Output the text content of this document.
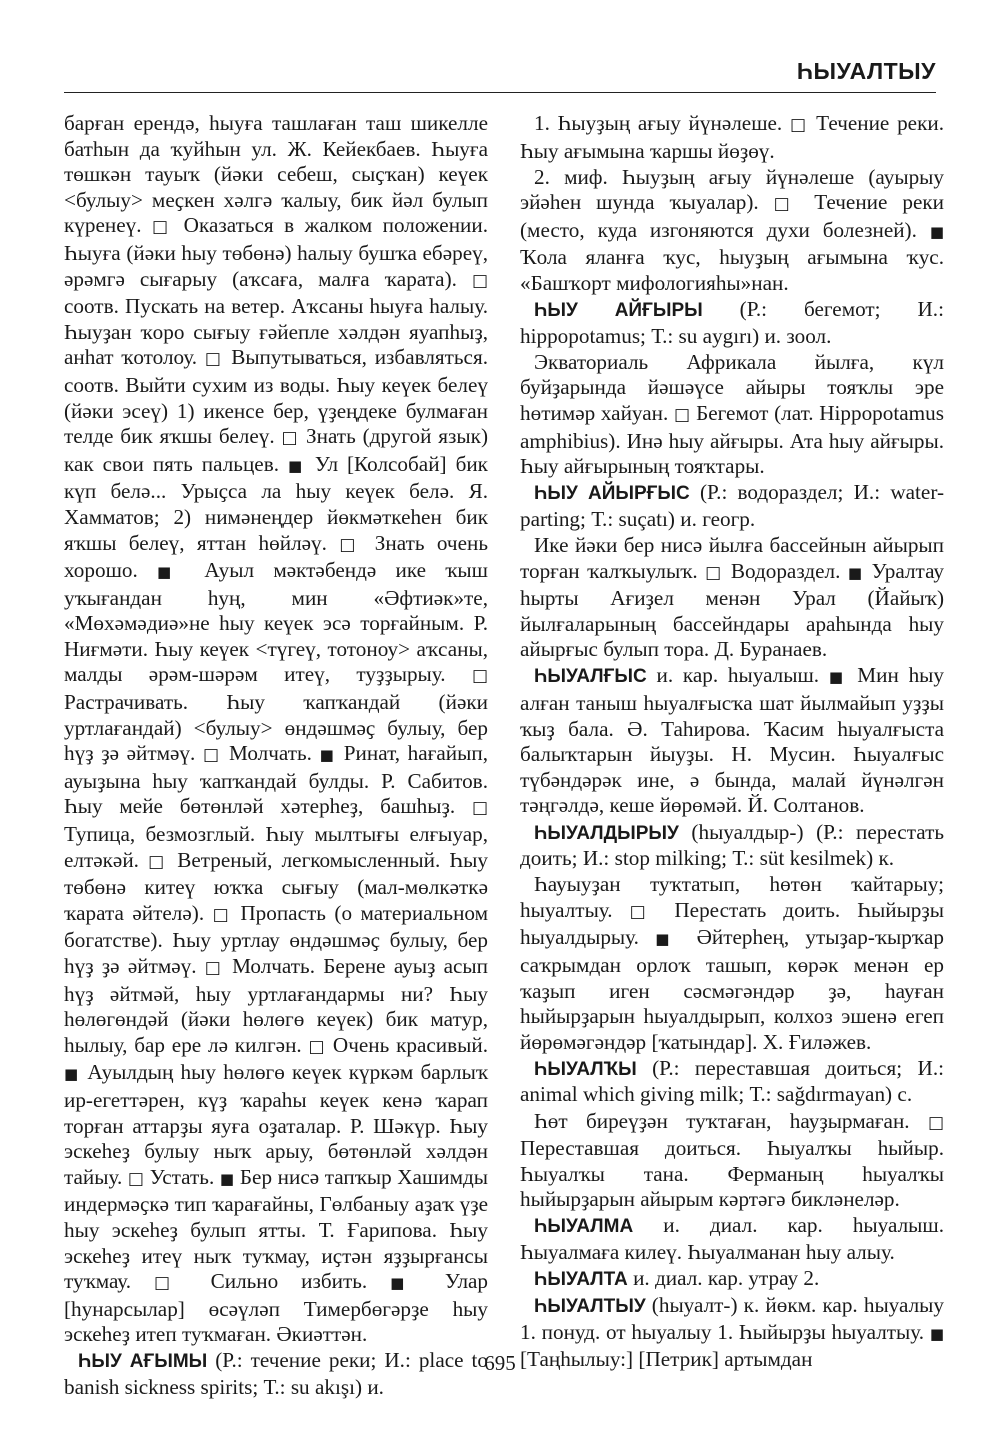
ҺЫУАЛТЫУ

барған ерендә, һыуға ташлаған таш шикелле батһын да ҡуйһын ул. Ж. Кейекбаев. Һыуға төшкән тауыҡ (йәки себеш, сыҫҡан) кеүек <булыу> меҫкен хәлгә ҡалыу, бик йәл булып күренеү. □ Оказаться в жалком положении. Һыуға (йәки һыу төбөнә) һалыу бушҡа ебәреү, әрәмгә сығарыу (аҡсаға, малға ҡарата). □ соотв. Пускать на ветер. Аҡсаны һыуға һалыу. Һыуҙан ҡоро сығыу ғәйепле хәлдән яуапһыҙ, анһат ҡотолоу. □ Выпутываться, избавляться. соотв. Выйти сухим из воды. Һыу кеүек белеү (йәки эсеү) 1) икенсе бер, үҙеңдеке булмаған телде бик яҡшы белеү. □ Знать (другой язык) как свои пять пальцев. ■ Ул [Колсобай] бик күп белә... Урыҫса ла һыу кеүек белә. Я. Хамматов; 2) нимәнеңдер йөкмәткеһен бик яҡшы белеү, яттан һөйләү. □ Знать очень хорошо. ■ Ауыл мәктәбендә ике ҡыш уҡығандан һуң, мин «Әфтиәк»те, «Мөхәмәдиә»не һыу кеүек эсә торғайным. Р. Ниғмәти. Һыу кеүек <түгеү, тотоноу> аҡсаны, малды әрәм-шәрәм итеү, туҙҙырыу. □ Растрачивать. Һыу ҡапҡандай (йәки уртлағандай) <булыу> өндәшмәҫ булыу, бер һүҙ ҙә әйтмәү. □ Молчать. ■ Ринат, һағайып, ауыҙына һыу ҡапҡандай булды. Р. Сабитов. Һыу мейе бөтөнләй хәтерһеҙ, башһыҙ. □ Тупица, безмозглый. Һыу мылтығы елғыуар, елтәкәй. □ Ветреный, легкомысленный. Һыу төбөнә китеү юҡҡа сығыу (мал-мөлкәткә ҡарата әйтелә). □ Пропасть (о материальном богатстве). Һыу уртлау өндәшмәҫ булыу, бер һүҙ ҙә әйтмәү. □ Молчать. Берене ауыҙ асып һүҙ әйтмәй, һыу уртлағандармы ни? Һыу һөлөгөндәй (йәки һөлөгө кеүек) бик матур, һылыу, бар ере лә килгән. □ Очень красивый. ■ Ауылдың һыу һөлөгө кеүек күркәм барлыҡ ир-егеттәрен, күҙ ҡараһы кеүек кенә ҡарап торған аттарҙы яуға оҙаталар. Р. Шәкүр. Һыу эскеһеҙ булыу ныҡ арыу, бөтөнләй хәлдән тайыу. □ Устать. ■ Бер нисә тапҡыр Хашимды индермәҫкә тип ҡарағайны, Гөлбаныу аҙаҡ үҙе һыу эскеһеҙ булып ятты. Т. Ғарипова. Һыу эскеһеҙ итеү ныҡ туҡмау, иҫтән яҙҙырғансы туҡмау. □ Сильно избить. ■ Улар [һунарсылар] өсәүләп Тимербөгәрҙе һыу эскеһеҙ итеп туҡмаған. Әкиәттән.

ҺЫУ АҒЫМЫ (Р.: течение реки; И.: place to banish sickness spirits; Т.: su akışı) и.

1. Һыуҙың ағыу йүнәлеше. □ Течение реки. Һыу ағымына ҡаршы йөҙөү.

2. миф. Һыуҙың ағыу йүнәлеше (ауырыу эйәһен шунда ҡыуалар). □ Течение реки (место, куда изгоняются духи болезней). ■ Ҡола яланға ҡус, һыуҙың ағымына ҡус. «Башҡорт мифологияһы»нан.

ҺЫУ АЙҒЫРЫ (Р.: бегемот; И.: hippopotamus; Т.: su aygırı) и. зоол.

Экваториаль Африкала йылға, күл буйҙарында йәшәүсе айыры тояҡлы эре һөтимәр хайуан. □ Бегемот (лат. Hippopotamus amphibius). Инә һыу айғыры. Ата һыу айғыры. Һыу айғырының тояҡтары.

ҺЫУ АЙЫРҒЫС (Р.: водораздел; И.: water-parting; Т.: suçatı) и. геогр.

Ике йәки бер нисә йылға бассейнын айырып торған ҡалҡыулыҡ. □ Водораздел. ■ Уралтау һырты Ағиҙел менән Урал (Йайыҡ) йылғаларының бассейндары араһында һыу айырғыс булып тора. Д. Буранаев.

ҺЫУАЛҒЫС и. кар. һыуалыш. ■ Мин һыу алған таныш һыуалғысҡа шат йылмайып уҙҙы ҡыҙ бала. Ә. Таһирова. Ҡасим һыуалғыста балыҡтарын йыуҙы. Н. Мусин. Һыуалғыс түбәндәрәк ине, ә бында, малай йүнәлгән тәңгәлдә, кеше йөрөмәй. Й. Солтанов.

ҺЫУАЛДЫРЫУ (һыуалдыр-) (Р.: перестать доить; И.: stop milking; Т.: süt kesilmek) к.

Һауыуҙан туҡтатып, һөтөн ҡайтарыу; һыуалтыу. □ Перестать доить. Һыйырҙы һыуалдырыу. ■ Әйтерһең, утыҙар-ҡырҡар саҡрымдан орлоҡ ташып, көрәк менән ер ҡаҙып иген сәсмәгәндәр ҙә, һауған һыйырҙарын һыуалдырып, колхоз эшенә егеп йөрөмәгәндәр [ҡатындар]. Х. Ғиләжев.

ҺЫУАЛҠЫ (Р.: переставшая доиться; И.: animal which giving milk; Т.: sağdırmayan) с.

Һөт биреүҙән туҡтаған, һауҙырмаған. □ Переставшая доиться. Һыуалҡы һыйыр. Һыуалҡы тана. Ферманың һыуалҡы һыйырҙарын айырым кәртәгә бикләнеләр.

ҺЫУАЛМА и. диал. кар. һыуалыш. Һыуалмаға килеү. Һыуалманан һыу алыу.

ҺЫУАЛТА и. диал. кар. утрау 2.

ҺЫУАЛТЫУ (һыуалт-) к. йөкм. кар. һыуалыу 1. понуд. от һыуалыу 1. Һыйырҙы һыуалтыу. ■ [Таңһылыу:] [Петрик] артымдан

695
